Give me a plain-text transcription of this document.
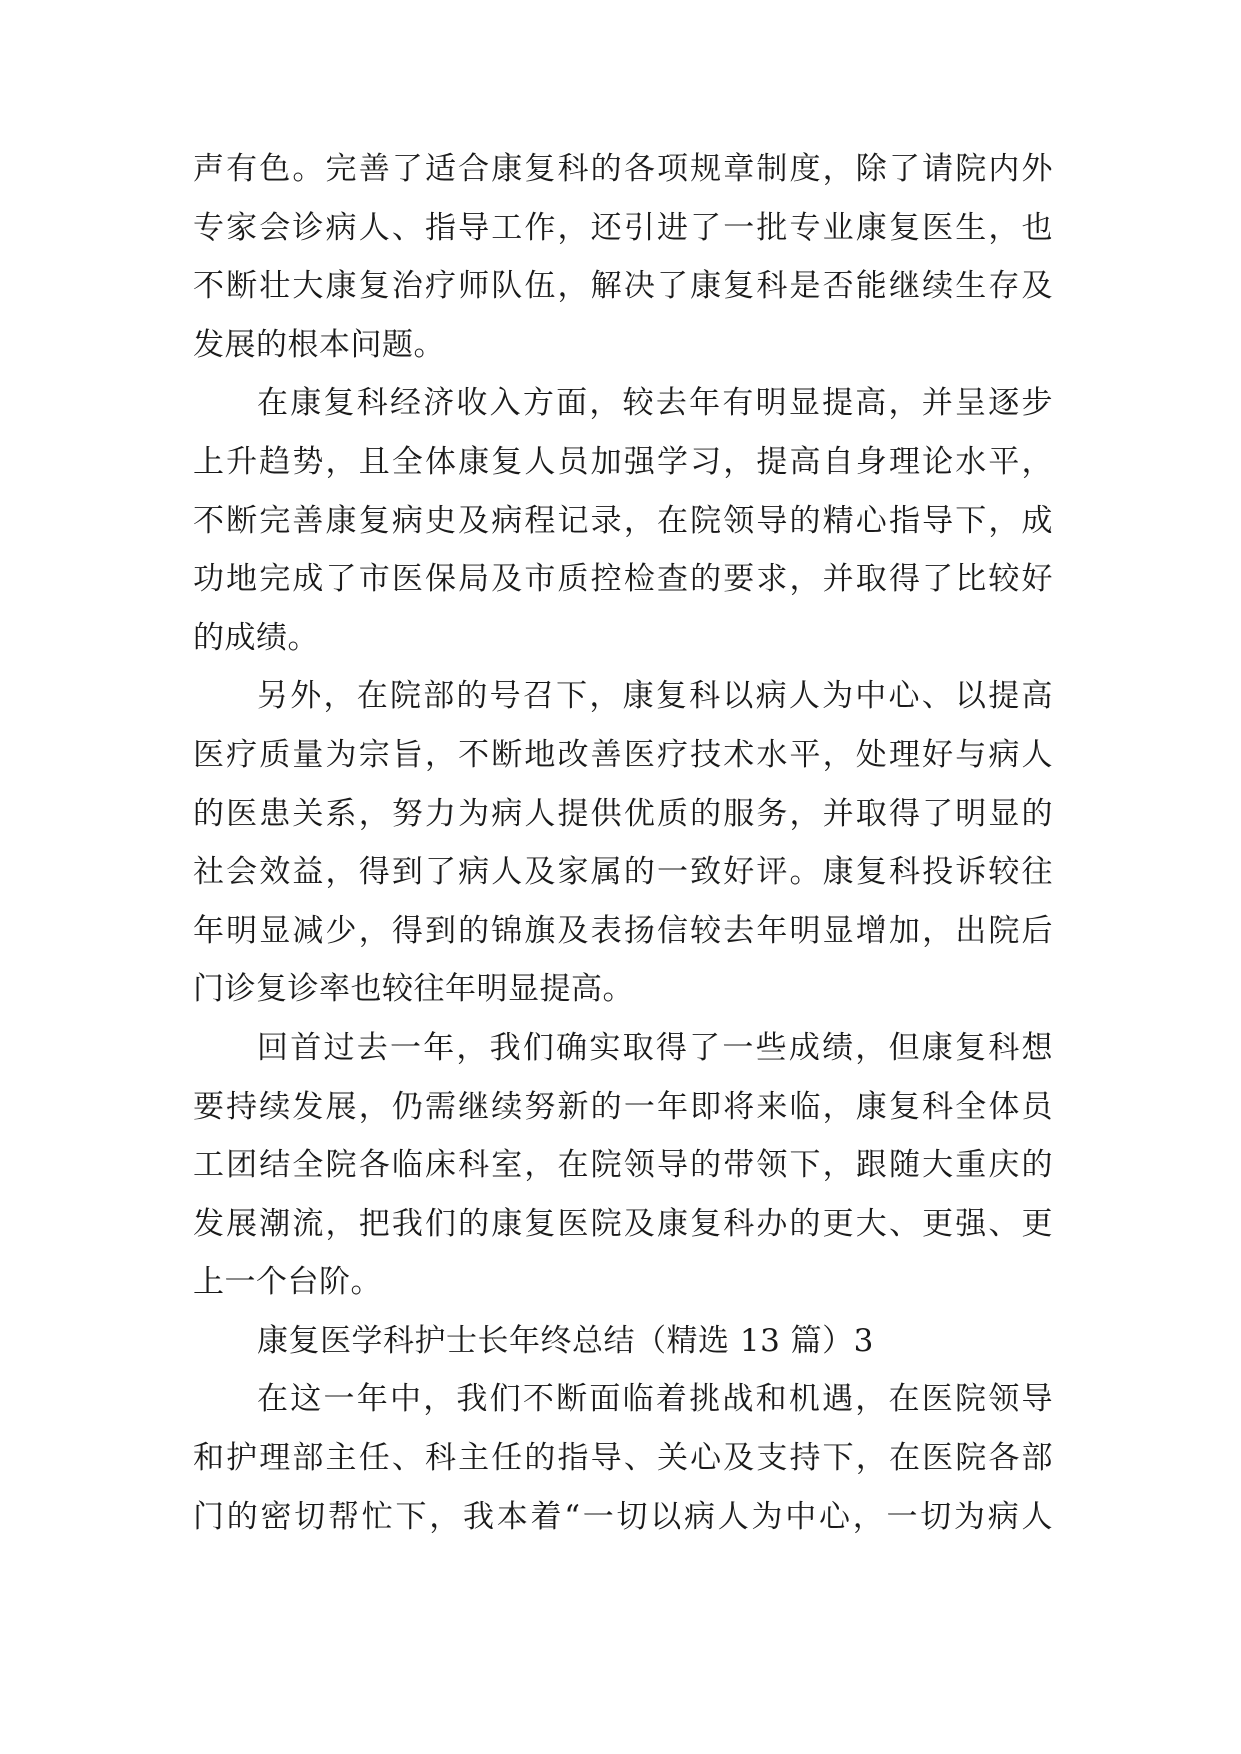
声有色。完善了适合康复科的各项规章制度，除了请院内外
专家会诊病人、指导工作，还引进了一批专业康复医生，也
不断壮大康复治疗师队伍，解决了康复科是否能继续生存及
发展的根本问题。
在康复科经济收入方面，较去年有明显提高，并呈逐步
上升趋势，且全体康复人员加强学习，提高自身理论水平，
不断完善康复病史及病程记录，在院领导的精心指导下，成
功地完成了市医保局及市质控检查的要求，并取得了比较好
的成绩。
另外，在院部的号召下，康复科以病人为中心、以提高
医疗质量为宗旨，不断地改善医疗技术水平，处理好与病人
的医患关系，努力为病人提供优质的服务，并取得了明显的
社会效益，得到了病人及家属的一致好评。康复科投诉较往
年明显减少，得到的锦旗及表扬信较去年明显增加，出院后
门诊复诊率也较往年明显提高。
回首过去一年，我们确实取得了一些成绩，但康复科想
要持续发展，仍需继续努新的一年即将来临，康复科全体员
工团结全院各临床科室，在院领导的带领下，跟随大重庆的
发展潮流，把我们的康复医院及康复科办的更大、更强、更
上一个台阶。
康复医学科护士长年终总结（精选 13 篇）3
在这一年中，我们不断面临着挑战和机遇，在医院领导
和护理部主任、科主任的指导、关心及支持下，在医院各部
门的密切帮忙下，我本着“一切以病人为中心，一切为病人
